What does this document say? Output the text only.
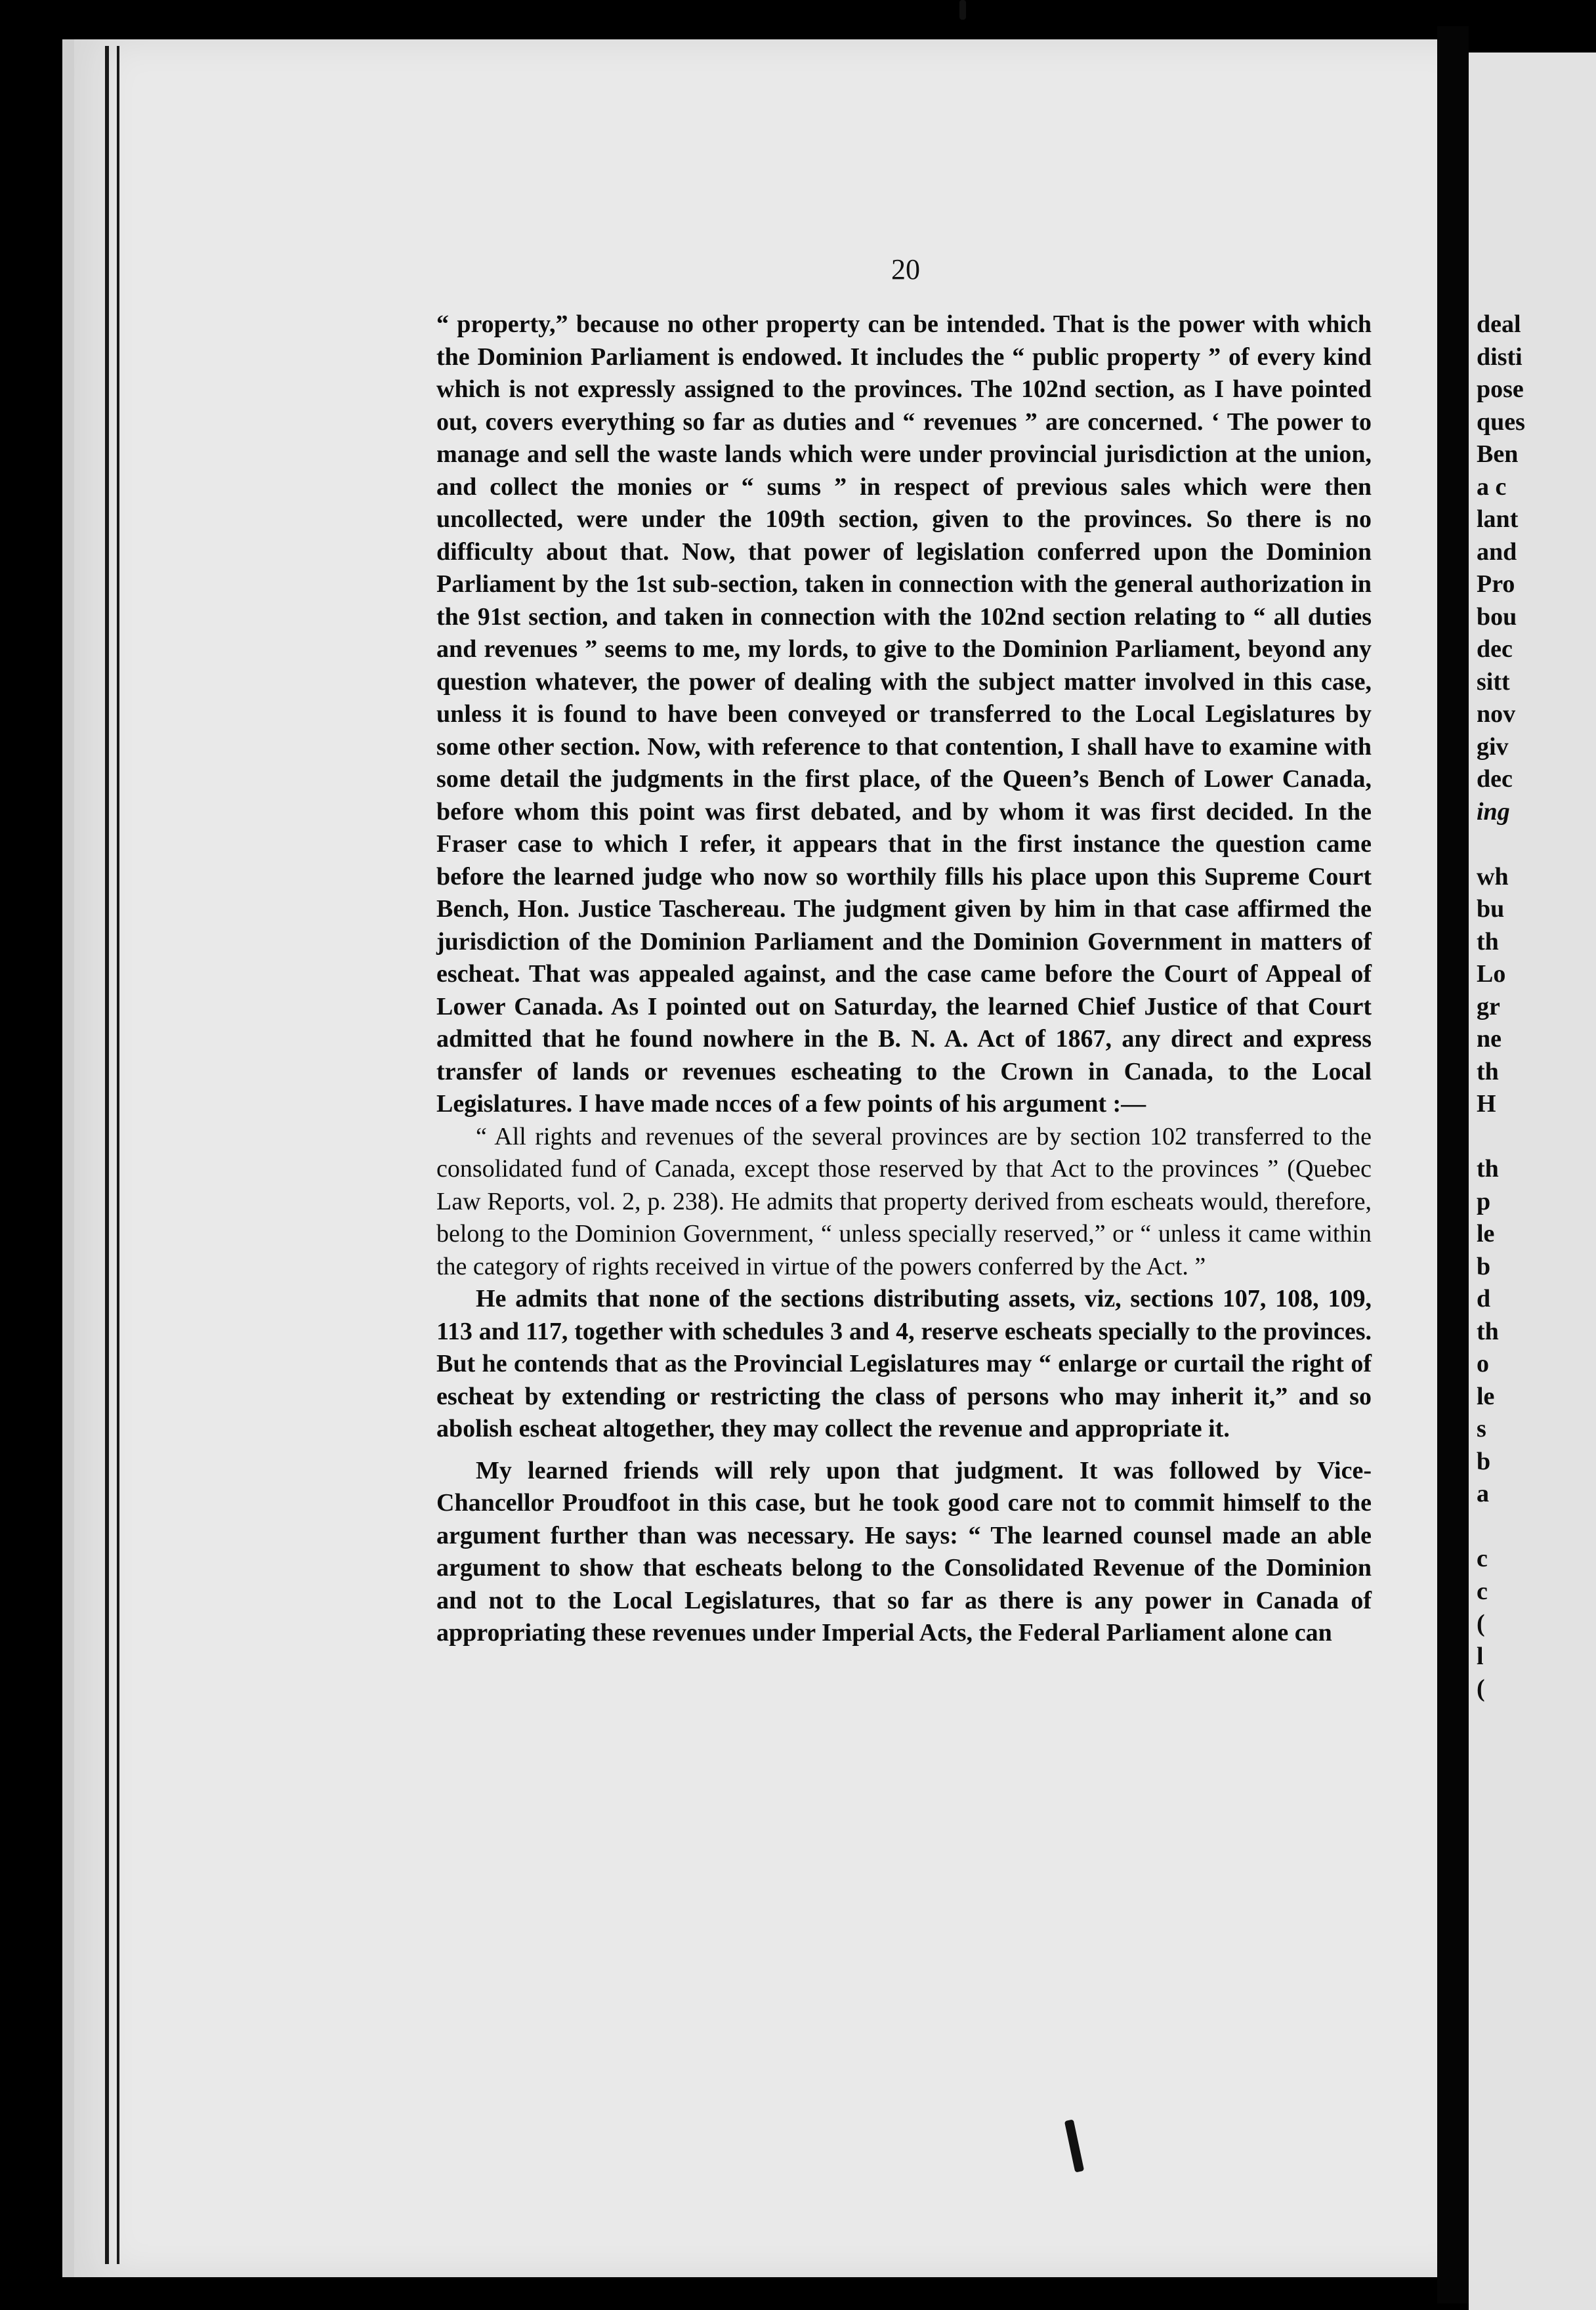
20

“ property,” because no other property can be intended. That is the power with which the Dominion Parliament is endowed. It includes the “ public property ” of every kind which is not expressly assigned to the provinces. The 102nd section, as I have pointed out, covers everything so far as duties and “ revenues ” are concerned. ‘ The power to manage and sell the waste lands which were under provincial jurisdiction at the union, and collect the monies or “ sums ” in respect of previous sales which were then uncollected, were under the 109th section, given to the provinces. So there is no difficulty about that. Now, that power of legislation conferred upon the Dominion Parliament by the 1st sub-section, taken in connection with the general authorization in the 91st section, and taken in connection with the 102nd section relating to “ all duties and revenues ” seems to me, my lords, to give to the Dominion Parliament, beyond any question whatever, the power of dealing with the subject matter involved in this case, unless it is found to have been conveyed or transferred to the Local Legislatures by some other section. Now, with reference to that contention, I shall have to examine with some detail the judgments in the first place, of the Queen’s Bench of Lower Canada, before whom this point was first debated, and by whom it was first decided. In the Fraser case to which I refer, it appears that in the first instance the question came before the learned judge who now so worthily fills his place upon this Supreme Court Bench, Hon. Justice Taschereau. The judgment given by him in that case affirmed the jurisdiction of the Dominion Parliament and the Dominion Government in matters of escheat. That was appealed against, and the case came before the Court of Appeal of Lower Canada. As I pointed out on Saturday, the learned Chief Justice of that Court admitted that he found nowhere in the B. N. A. Act of 1867, any direct and express transfer of lands or revenues escheating to the Crown in Canada, to the Local Legislatures. I have made ncces of a few points of his argument :—

“ All rights and revenues of the several provinces are by section 102 transferred to the consolidated fund of Canada, except those reserved by that Act to the provinces ” (Quebec Law Reports, vol. 2, p. 238). He admits that property derived from escheats would, therefore, belong to the Dominion Government, “ unless specially reserved,” or “ unless it came within the category of rights received in virtue of the powers conferred by the Act. ”

He admits that none of the sections distributing assets, viz, sections 107, 108, 109, 113 and 117, together with schedules 3 and 4, reserve escheats specially to the provinces. But he contends that as the Provincial Legislatures may “ enlarge or curtail the right of escheat by extending or restricting the class of persons who may inherit it,” and so abolish escheat altogether, they may collect the revenue and appropriate it.

My learned friends will rely upon that judgment. It was followed by Vice-Chancellor Proudfoot in this case, but he took good care not to commit himself to the argument further than was necessary. He says: “ The learned counsel made an able argument to show that escheats belong to the Consolidated Revenue of the Dominion and not to the Local Legislatures, that so far as there is any power in Canada of appropriating these revenues under Imperial Acts, the Federal Parliament alone can

deal
disti
pose
ques
Ben
a c
lant
and
Pro
bou
dec
sitt
nov
giv
dec
ing
wh
bu
th
Lo
gr
ne
th
H
th
p
le
b
d
th
o
le
s
b
a
c
c
(
l
(
